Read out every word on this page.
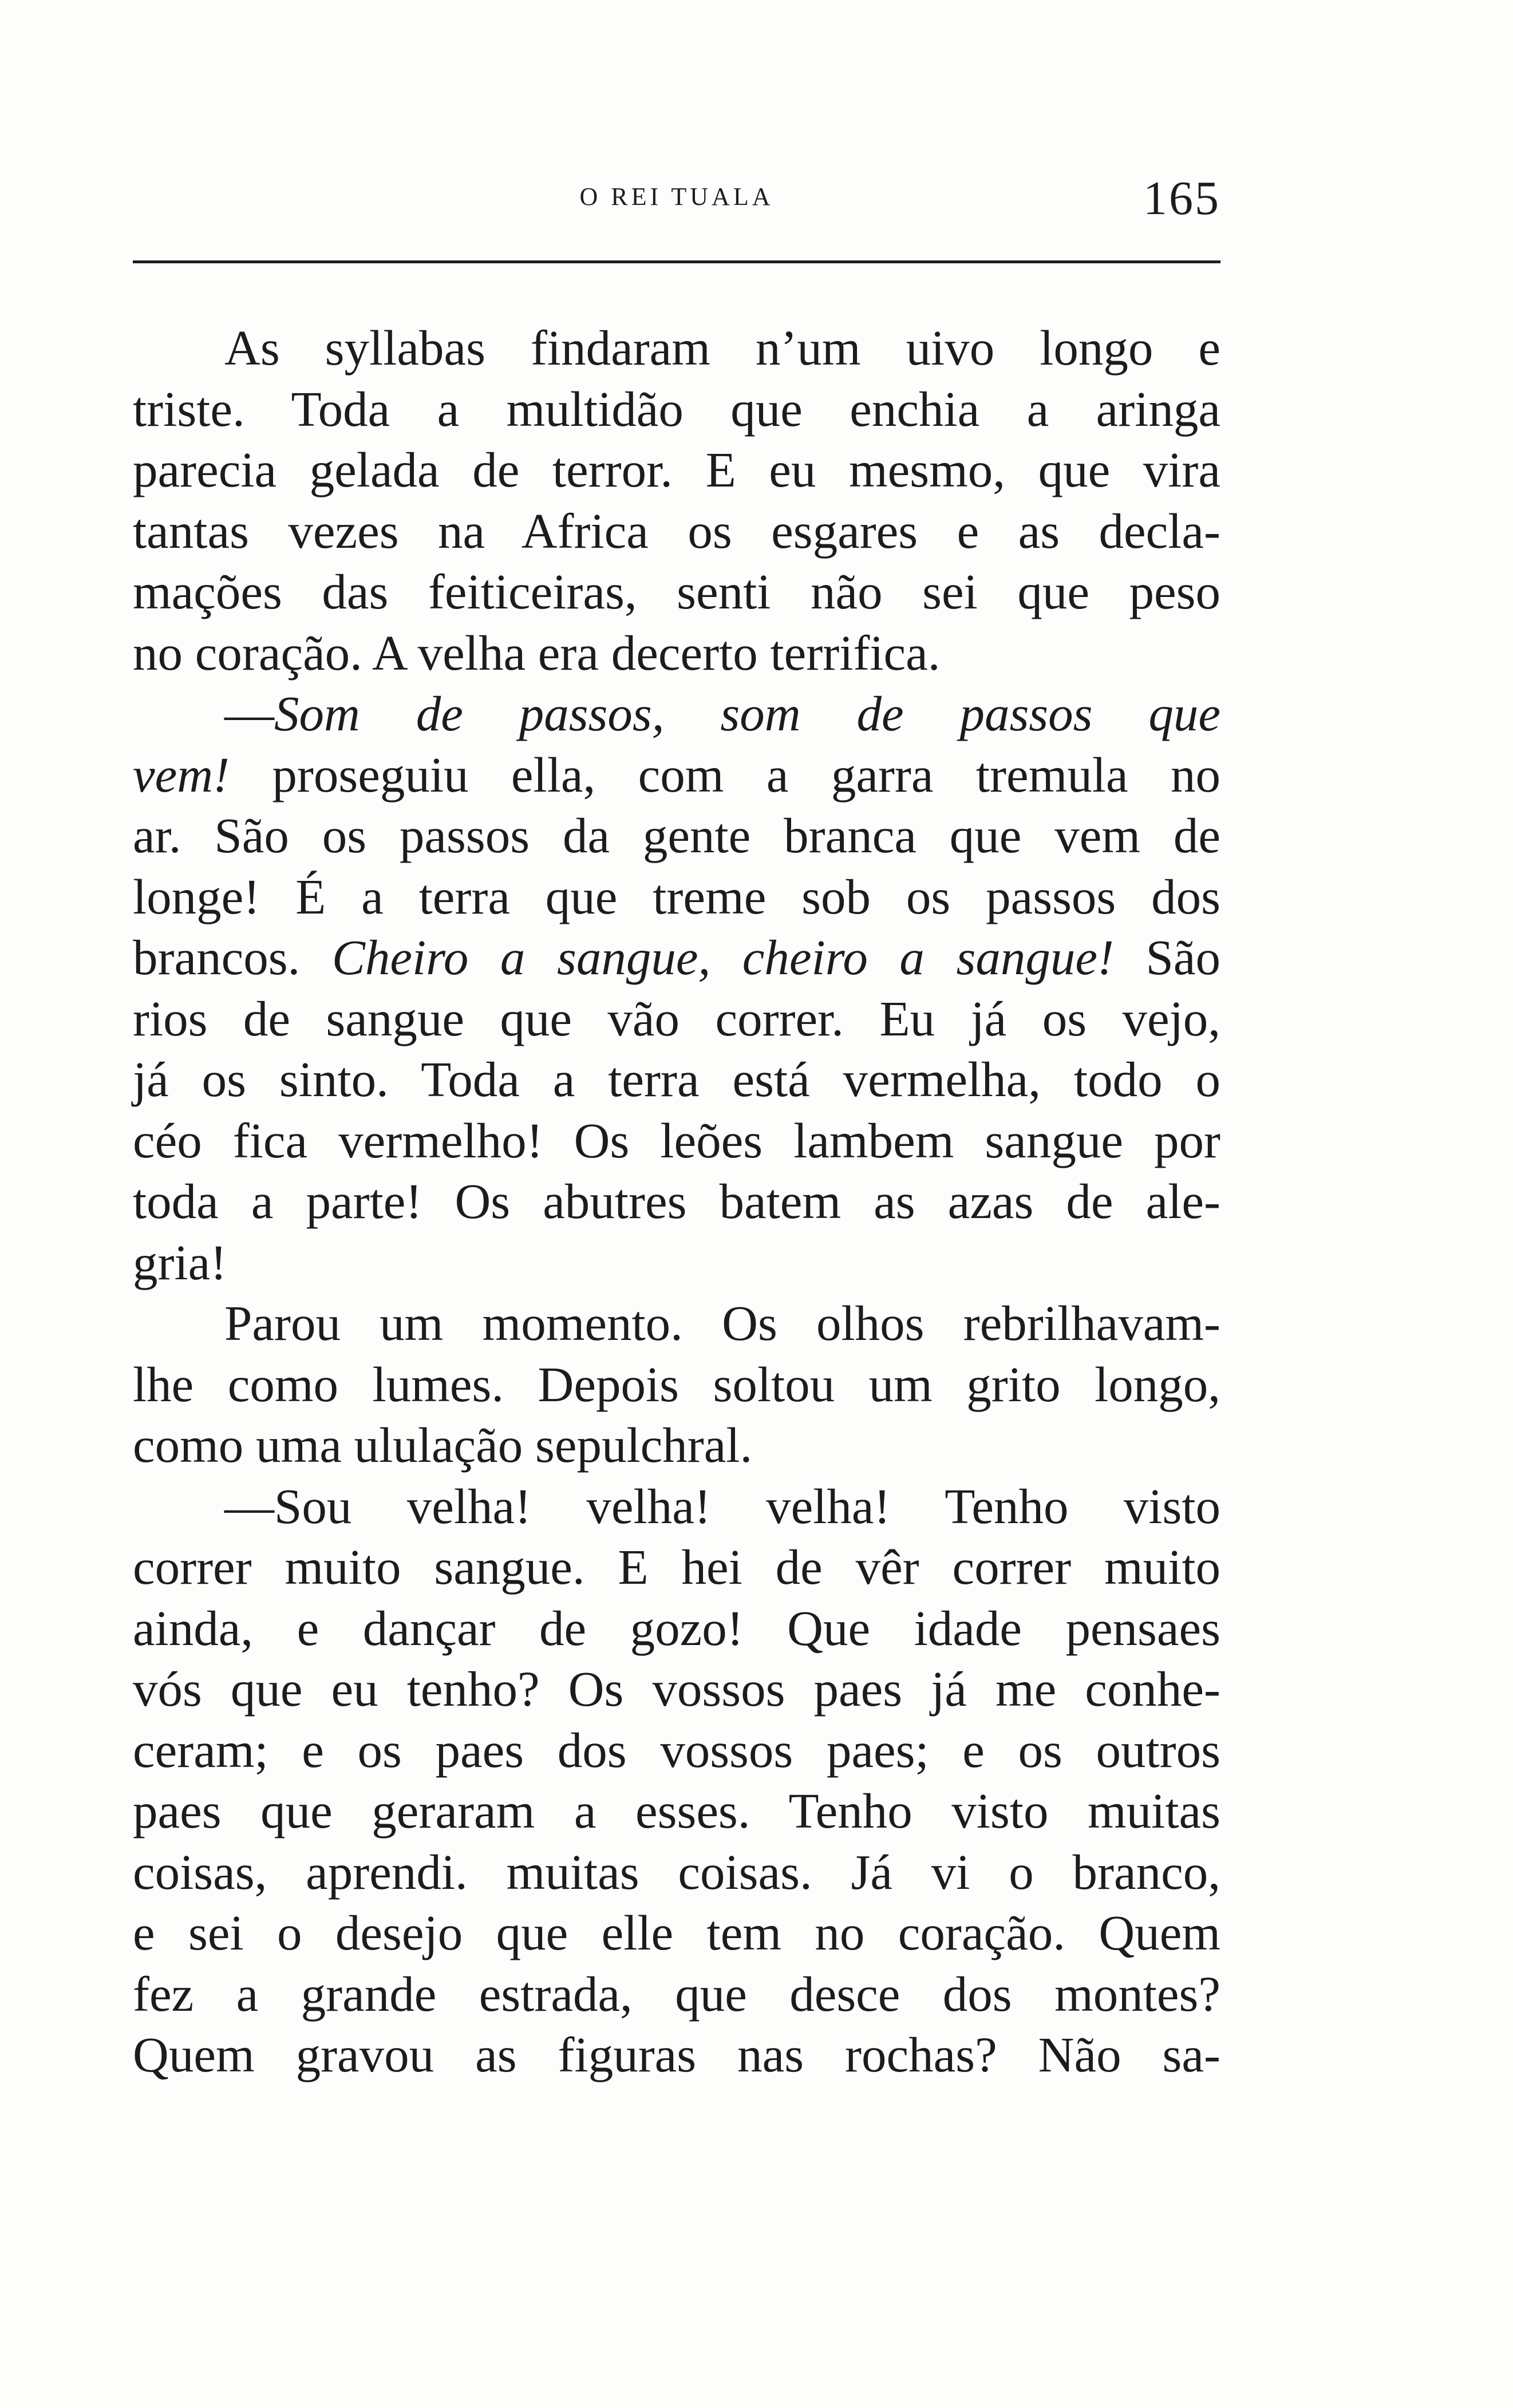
O REI TUALA	165
As syllabas findaram n’um uivo longo e
triste. Toda a multidão que enchia a aringa
parecia gelada de terror. E eu mesmo, que vira
tantas vezes na Africa os esgares e as decla-
mações das feiticeiras, senti não sei que peso
no coração. A velha era decerto terrifica.
—Som de passos, som de passos que
vem! proseguiu ella, com a garra tremula no
ar. São os passos da gente branca que vem de
longe! É a terra que treme sob os passos dos
brancos. Cheiro a sangue, cheiro a sangue! São
rios de sangue que vão correr. Eu já os vejo,
já os sinto. Toda a terra está vermelha, todo o
céo fica vermelho! Os leões lambem sangue por
toda a parte! Os abutres batem as azas de ale-
gria!
Parou um momento. Os olhos rebrilhavam-
lhe como lumes. Depois soltou um grito longo,
como uma ululação sepulchral.
—Sou velha! velha! velha! Tenho visto
correr muito sangue. E hei de vêr correr muito
ainda, e dançar de gozo! Que idade pensaes
vós que eu tenho? Os vossos paes já me conhe-
ceram; e os paes dos vossos paes; e os outros
paes que geraram a esses. Tenho visto muitas
coisas, aprendi. muitas coisas. Já vi o branco,
e sei o desejo que elle tem no coração. Quem
fez a grande estrada, que desce dos montes?
Quem gravou as figuras nas rochas? Não sa-
